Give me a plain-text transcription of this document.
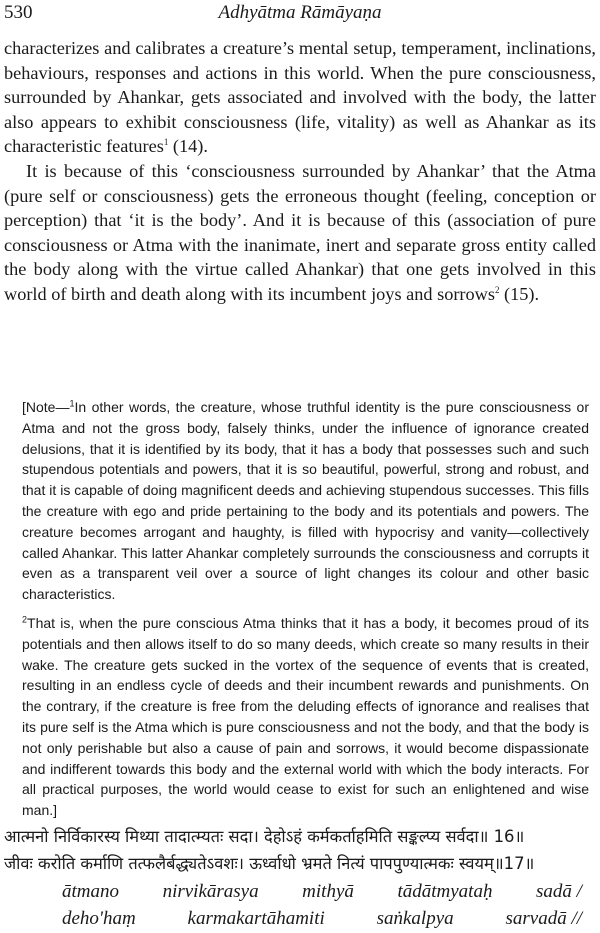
530	Adhyātma Rāmāyaṇa

characterizes and calibrates a creature’s mental setup, temperament, inclinations, behaviours, responses and actions in this world. When the pure consciousness, surrounded by Ahankar, gets associated and involved with the body, the latter also appears to exhibit consciousness (life, vitality) as well as Ahankar as its characteristic features$^1$ (14).

It is because of this ‘consciousness surrounded by Ahankar’ that the Atma (pure self or consciousness) gets the erroneous thought (feeling, conception or perception) that ‘it is the body’. And it is because of this (association of pure consciousness or Atma with the inanimate, inert and separate gross entity called the body along with the virtue called Ahankar) that one gets involved in this world of birth and death along with its incumbent joys and sorrows$^2$ (15).

[Note—$^1$In other words, the creature, whose truthful identity is the pure consciousness or Atma and not the gross body, falsely thinks, under the influence of ignorance created delusions, that it is identified by its body, that it has a body that possesses such and such stupendous potentials and powers, that it is so beautiful, powerful, strong and robust, and that it is capable of doing magnificent deeds and achieving stupendous successes. This fills the creature with ego and pride pertaining to the body and its potentials and powers. The creature becomes arrogant and haughty, is filled with hypocrisy and vanity—collectively called Ahankar. This latter Ahankar completely surrounds the consciousness and corrupts it even as a transparent veil over a source of light changes its colour and other basic characteristics.

$^2$That is, when the pure conscious Atma thinks that it has a body, it becomes proud of its potentials and then allows itself to do so many deeds, which create so many results in their wake. The creature gets sucked in the vortex of the sequence of events that is created, resulting in an endless cycle of deeds and their incumbent rewards and punishments. On the contrary, if the creature is free from the deluding effects of ignorance and realises that its pure self is the Atma which is pure consciousness and not the body, and that the body is not only perishable but also a cause of pain and sorrows, it would become dispassionate and indifferent towards this body and the external world with which the body interacts. For all practical purposes, the world would cease to exist for such an enlightened and wise man.]

आत्मनो निर्विकारस्य मिथ्या तादात्म्यतः सदा। देहोऽहं कर्मकर्ताहमिति सङ्कल्प्य सर्वदा॥ 16॥
जीवः करोति कर्माणि तत्फलैर्बद्ध्यतेऽवशः। ऊर्ध्वाधो भ्रमते नित्यं पापपुण्यात्मकः स्वयम्॥17॥
ātmano nirvikārasya mithyā tādātmyataḥ sadā /
deho'haṃ	karmakartāhamiti	saṅkalpya	sarvadā //
